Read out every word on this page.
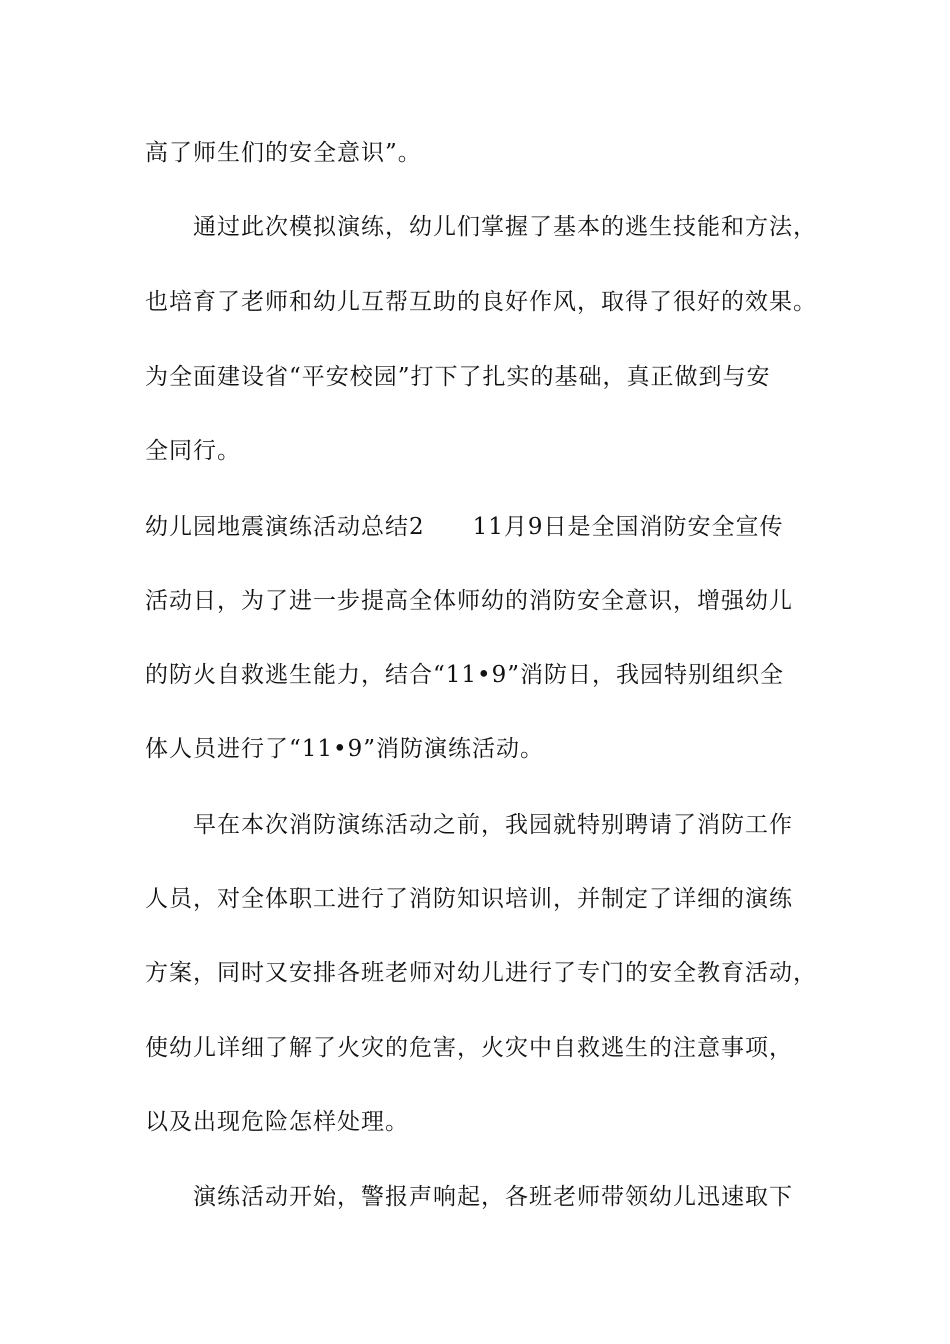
高了师生们的安全意识”。
通过此次模拟演练，幼儿们掌握了基本的逃生技能和方法，
也培育了老师和幼儿互帮互助的良好作风，取得了很好的效果。
为全面建设省“平安校园”打下了扎实的基础，真正做到与安
全同行。
幼儿园地震演练活动总结2　　11月9日是全国消防安全宣传
活动日，为了进一步提高全体师幼的消防安全意识，增强幼儿
的防火自救逃生能力，结合“11•9”消防日，我园特别组织全
体人员进行了“11•9”消防演练活动。
早在本次消防演练活动之前，我园就特别聘请了消防工作
人员，对全体职工进行了消防知识培训，并制定了详细的演练
方案，同时又安排各班老师对幼儿进行了专门的安全教育活动，
使幼儿详细了解了火灾的危害，火灾中自救逃生的注意事项，
以及出现危险怎样处理。
演练活动开始，警报声响起，各班老师带领幼儿迅速取下
